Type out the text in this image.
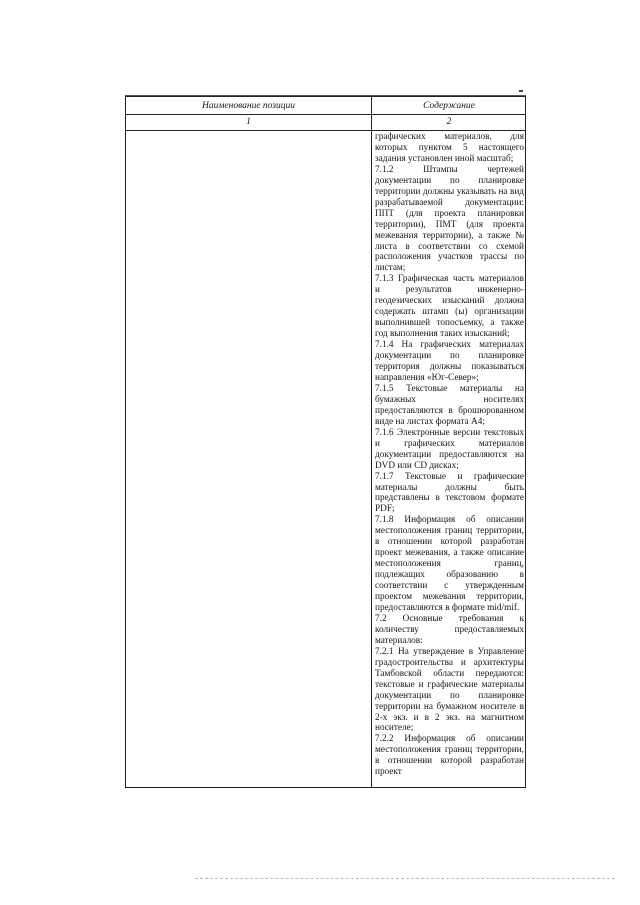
Наименование позиции	Содержание
1	2

графических материалов, для которых пунктом 5 настоящего задания установлен иной масштаб;

7.1.2 Штампы чертежей документации по планировке территории должны указывать на вид разрабатываемой документации: ППТ (для проекта планировки территории), ПМТ (для проекта межевания территории), а также № листа в соответствии со схемой расположения участков трассы по листам;

7.1.3 Графическая часть материалов и результатов инженерно-геодезических изысканий должна содержать штамп (ы) организации выполнившей топосъемку, а также год выполнения таких изысканий;

7.1.4 На графических материалах документации по планировке территория должны показываться направления «Юг-Север»;

7.1.5 Текстовые материалы на бумажных носителях предоставляются в брошюрованном виде на листах формата А4;

7.1.6 Электронные версии текстовых и графических материалов документации предоставляются на DVD или CD дисках;

7.1.7 Текстовые и графические материалы должны быть представлены в текстовом формате PDF;

7.1.8 Информация об описании местоположения границ территории, в отношении которой разработан проект межевания, а также описание местоположения границ, подлежащих образованию в соответствии с утвержденным проектом межевания территории, предоставляются в формате mid/mif.

7.2 Основные требования к количеству предоставляемых материалов:

7.2.1 На утверждение в Управление градостроительства и архитектуры Тамбовской области передаются: текстовые и графические материалы документации по планировке территории на бумажном носителе в 2-х экз. и в 2 экз. на магнитном носителе;

7.2.2 Информация об описании местоположения границ территории, в отношении которой разработан проект
